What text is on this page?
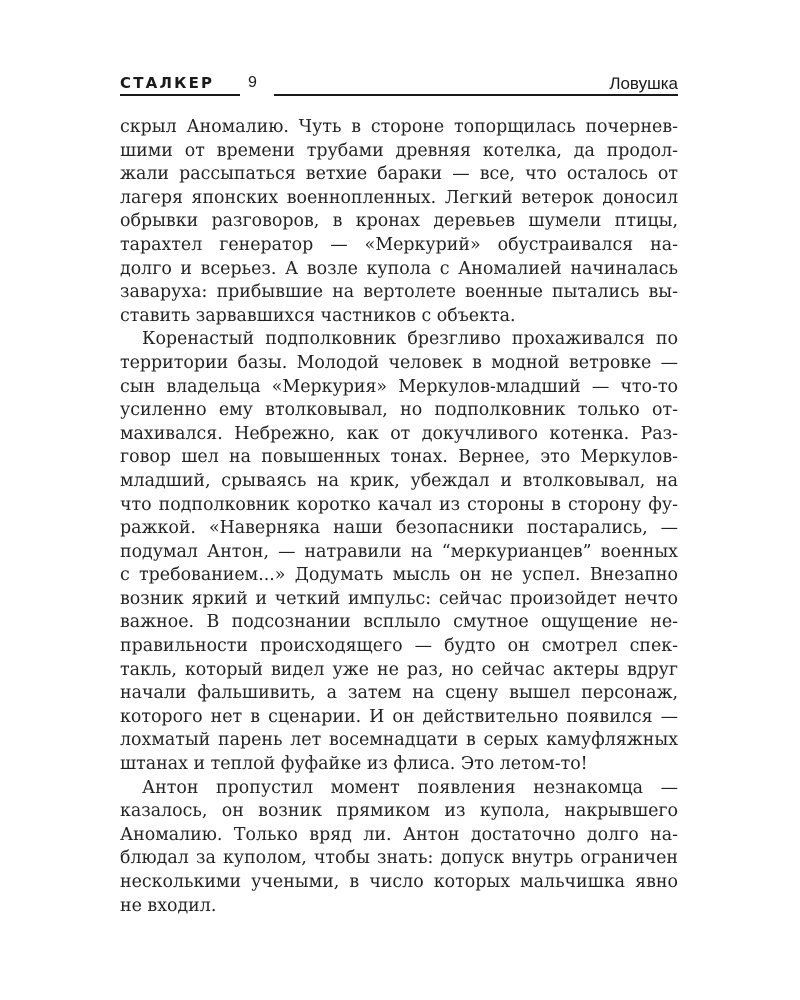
СТАЛКЕР 9	Ловушка
скрыл Аномалию. Чуть в стороне топорщилась почернев-
шими от времени трубами древняя котелка, да продол-
жали рассыпаться ветхие бараки — все, что осталось от
лагеря японских военнопленных. Легкий ветерок доносил
обрывки разговоров, в кронах деревьев шумели птицы,
тарахтел генератор — «Меркурий» обустраивался на-
долго и всерьез. А возле купола с Аномалией начиналась
заваруха: прибывшие на вертолете военные пытались вы-
ставить зарвавшихся частников с объекта.
Коренастый подполковник брезгливо прохаживался по
территории базы. Молодой человек в модной ветровке —
сын владельца «Меркурия» Меркулов-младший — что-то
усиленно ему втолковывал, но подполковник только от-
махивался. Небрежно, как от докучливого котенка. Раз-
говор шел на повышенных тонах. Вернее, это Меркулов-
младший, срываясь на крик, убеждал и втолковывал, на
что подполковник коротко качал из стороны в сторону фу-
ражкой. «Наверняка наши безопасники постарались, —
подумал Антон, — натравили на “меркурианцев” военных
с требованием...» Додумать мысль он не успел. Внезапно
возник яркий и четкий импульс: сейчас произойдет нечто
важное. В подсознании всплыло смутное ощущение не-
правильности происходящего — будто он смотрел спек-
такль, который видел уже не раз, но сейчас актеры вдруг
начали фальшивить, а затем на сцену вышел персонаж,
которого нет в сценарии. И он действительно появился —
лохматый парень лет восемнадцати в серых камуфляжных
штанах и теплой фуфайке из флиса. Это летом-то!
Антон пропустил момент появления незнакомца —
казалось, он возник прямиком из купола, накрывшего
Аномалию. Только вряд ли. Антон достаточно долго на-
блюдал за куполом, чтобы знать: допуск внутрь ограничен
несколькими учеными, в число которых мальчишка явно
не входил.
